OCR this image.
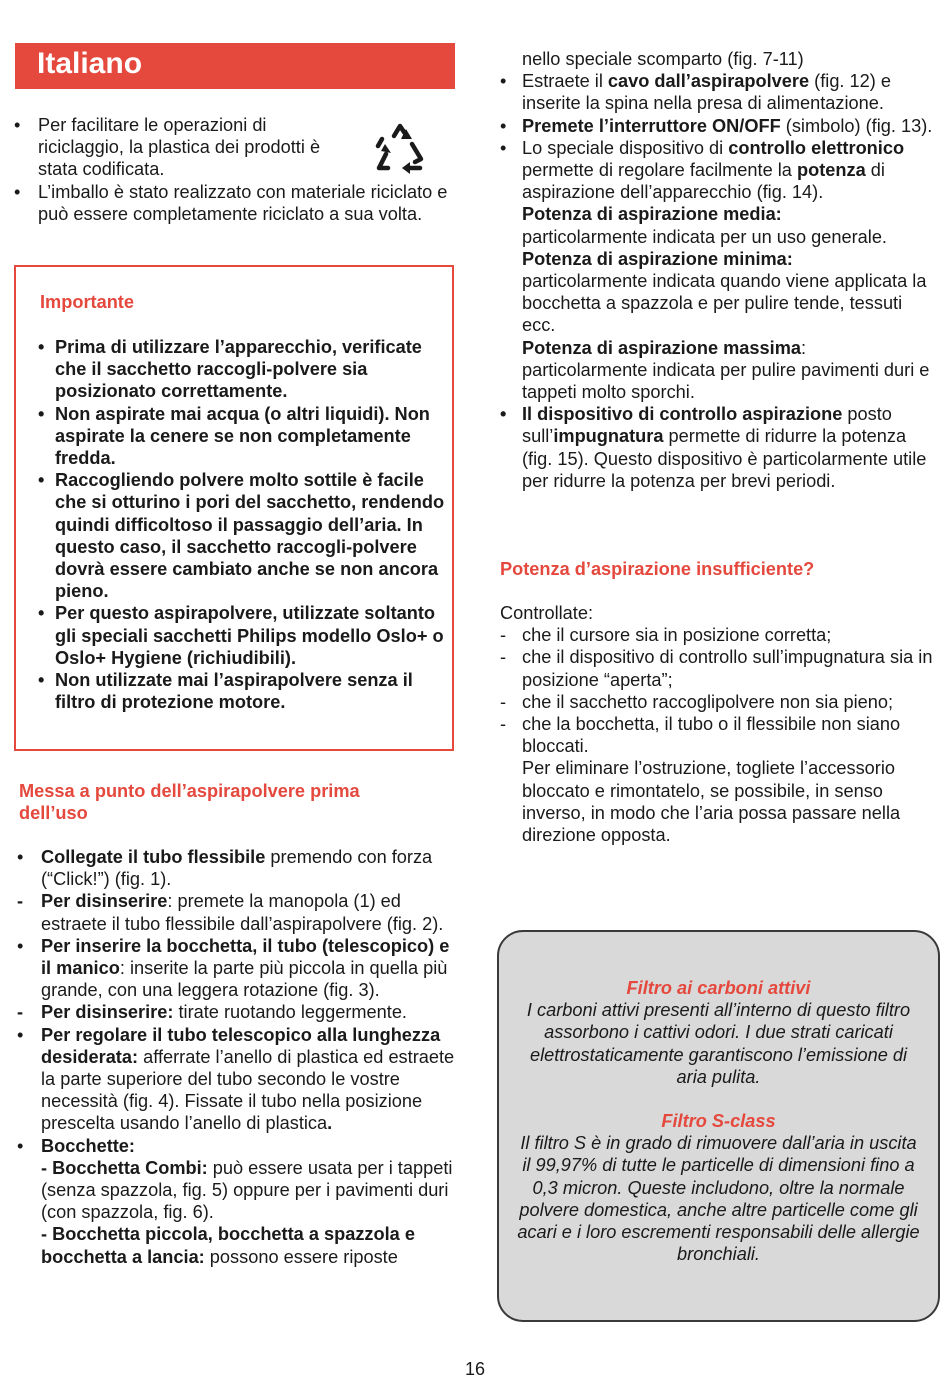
Italiano
• Per facilitare le operazioni di riciclaggio, la plastica dei prodotti è stata codificata.
• L’imballo è stato realizzato con materiale riciclato e può essere completamente riciclato a sua volta.
Importante
• Prima di utilizzare l’apparecchio, verificate che il sacchetto raccogli-polvere sia posizionato correttamente.
• Non aspirate mai acqua (o altri liquidi). Non aspirate la cenere se non completamente fredda.
• Raccogliendo polvere molto sottile è facile che si otturino i pori del sacchetto, rendendo quindi difficoltoso il passaggio dell’aria. In questo caso, il sacchetto raccogli-polvere dovrà essere cambiato anche se non ancora pieno.
• Per questo aspirapolvere, utilizzate soltanto gli speciali sacchetti Philips modello Oslo+ o Oslo+ Hygiene (richiudibili).
• Non utilizzate mai l’aspirapolvere senza il filtro di protezione motore.
Messa a punto dell’aspirapolvere prima dell’uso
• Collegate il tubo flessibile premendo con forza (“Click!”) (fig. 1).
- Per disinserire: premete la manopola (1) ed estraete il tubo flessibile dall’aspirapolvere (fig. 2).
• Per inserire la bocchetta, il tubo (telescopico) e il manico: inserite la parte più piccola in quella più grande, con una leggera rotazione (fig. 3).
- Per disinserire: tirate ruotando leggermente.
• Per regolare il tubo telescopico alla lunghezza desiderata: afferrate l’anello di plastica ed estraete la parte superiore del tubo secondo le vostre necessità (fig. 4). Fissate il tubo nella posizione prescelta usando l’anello di plastica.
• Bocchette:
- Bocchetta Combi: può essere usata per i tappeti (senza spazzola, fig. 5) oppure per i pavimenti duri (con spazzola, fig. 6).
- Bocchetta piccola, bocchetta a spazzola e bocchetta a lancia: possono essere riposte
nello speciale scomparto (fig. 7-11)
• Estraete il cavo dall’aspirapolvere (fig. 12) e inserite la spina nella presa di alimentazione.
• Premete l’interruttore ON/OFF (simbolo) (fig. 13).
• Lo speciale dispositivo di controllo elettronico permette di regolare facilmente la potenza di aspirazione dell’apparecchio (fig. 14).
Potenza di aspirazione media:
particolarmente indicata per un uso generale.
Potenza di aspirazione minima:
particolarmente indicata quando viene applicata la bocchetta a spazzola e per pulire tende, tessuti ecc.
Potenza di aspirazione massima:
particolarmente indicata per pulire pavimenti duri e tappeti molto sporchi.
• Il dispositivo di controllo aspirazione posto sull’impugnatura permette di ridurre la potenza (fig. 15). Questo dispositivo è particolarmente utile per ridurre la potenza per brevi periodi.
Potenza d’aspirazione insufficiente?
Controllate:
- che il cursore sia in posizione corretta;
- che il dispositivo di controllo sull’impugnatura sia in posizione “aperta”;
- che il sacchetto raccoglipolvere non sia pieno;
- che la bocchetta, il tubo o il flessibile non siano bloccati.
Per eliminare l’ostruzione, togliete l’accessorio bloccato e rimontatelo, se possibile, in senso inverso, in modo che l’aria possa passare nella direzione opposta.
Filtro ai carboni attivi
I carboni attivi presenti all’interno di questo filtro assorbono i cattivi odori. I due strati caricati elettrostaticamente garantiscono l’emissione di aria pulita.
Filtro S-class
Il filtro S è in grado di rimuovere dall’aria in uscita il 99,97% di tutte le particelle di dimensioni fino a 0,3 micron. Queste includono, oltre la normale polvere domestica, anche altre particelle come gli acari e i loro escrementi responsabili delle allergie bronchiali.
16
